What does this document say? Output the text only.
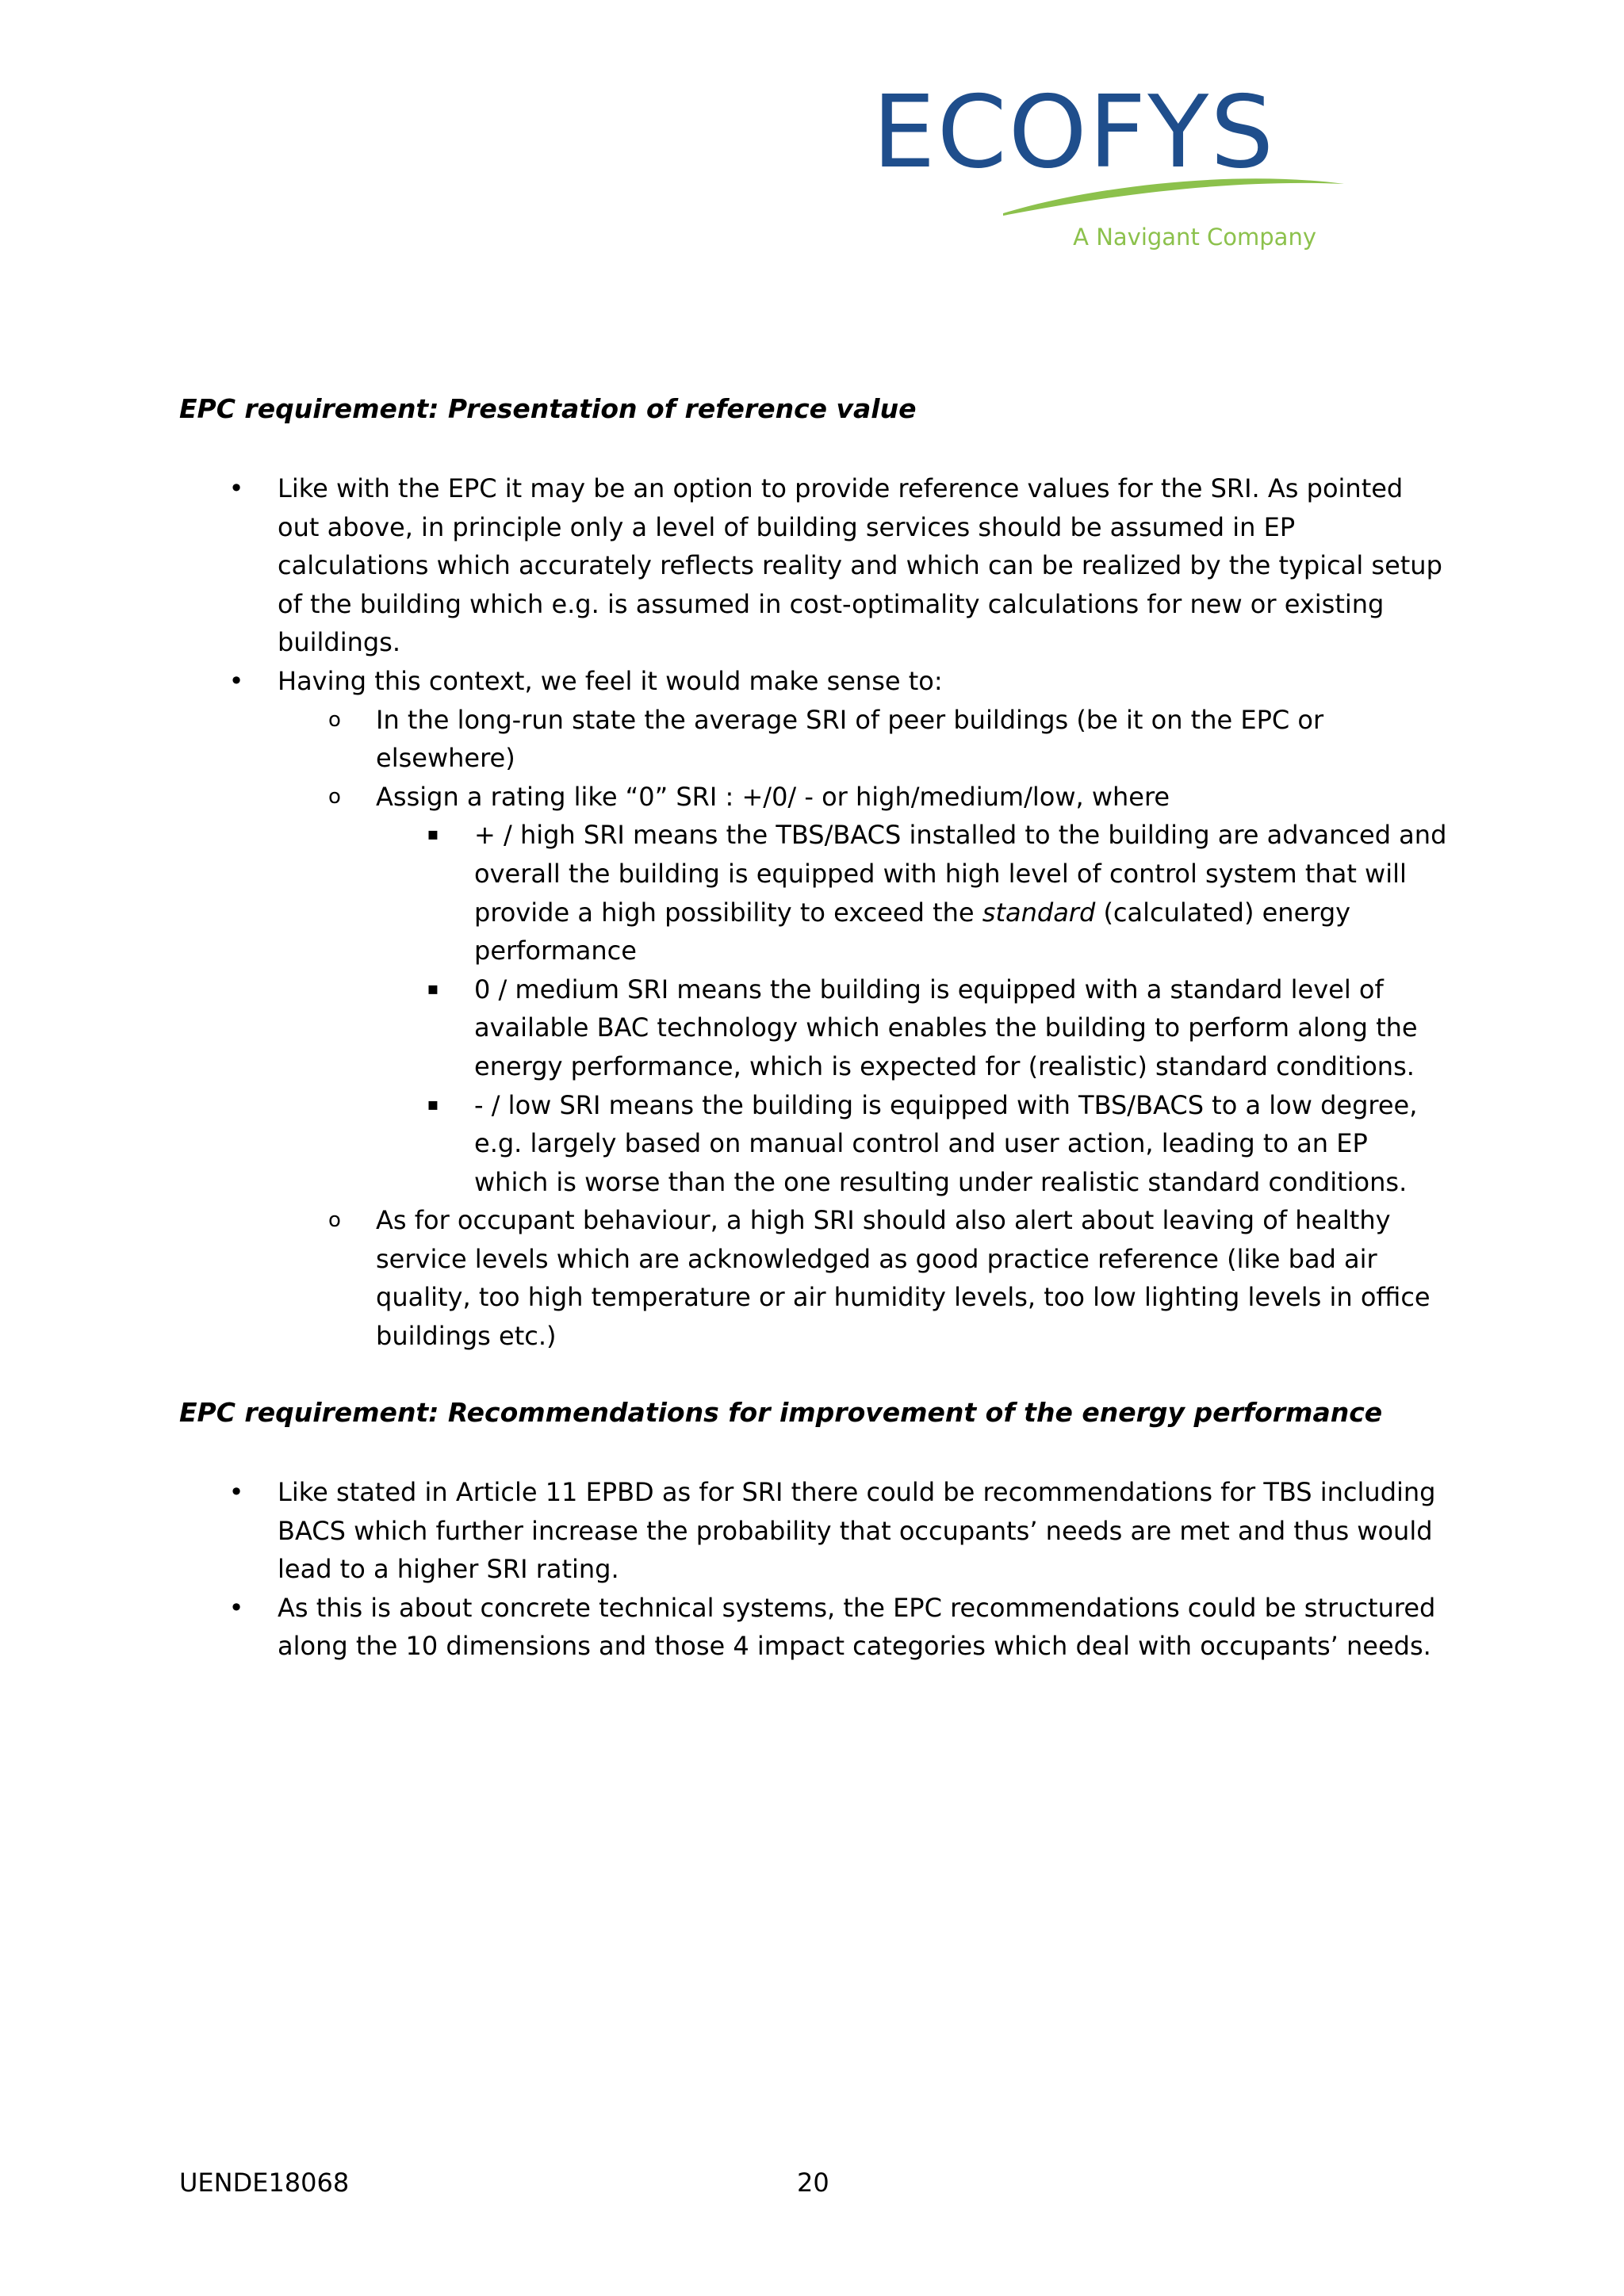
ECOFYS
A Navigant Company
EPC requirement: Presentation of reference value
• Like with the EPC it may be an option to provide reference values for the SRI. As pointed out above, in principle only a level of building services should be assumed in EP calculations which accurately reflects reality and which can be realized by the typical setup of the building which e.g. is assumed in cost-optimality calculations for new or existing buildings.
• Having this context, we feel it would make sense to:
o In the long-run state the average SRI of peer buildings (be it on the EPC or elsewhere)
o Assign a rating like “0” SRI : +/0/ - or high/medium/low, where
▪ + / high SRI means the TBS/BACS installed to the building are advanced and overall the building is equipped with high level of control system that will provide a high possibility to exceed the standard (calculated) energy performance
▪ 0 / medium SRI means the building is equipped with a standard level of available BAC technology which enables the building to perform along the energy performance, which is expected for (realistic) standard conditions.
▪ - / low SRI means the building is equipped with TBS/BACS to a low degree, e.g. largely based on manual control and user action, leading to an EP which is worse than the one resulting under realistic standard conditions.
o As for occupant behaviour, a high SRI should also alert about leaving of healthy service levels which are acknowledged as good practice reference (like bad air quality, too high temperature or air humidity levels, too low lighting levels in office buildings etc.)
EPC requirement: Recommendations for improvement of the energy performance
• Like stated in Article 11 EPBD as for SRI there could be recommendations for TBS including BACS which further increase the probability that occupants’ needs are met and thus would lead to a higher SRI rating.
• As this is about concrete technical systems, the EPC recommendations could be structured along the 10 dimensions and those 4 impact categories which deal with occupants’ needs.
UENDE18068	20
